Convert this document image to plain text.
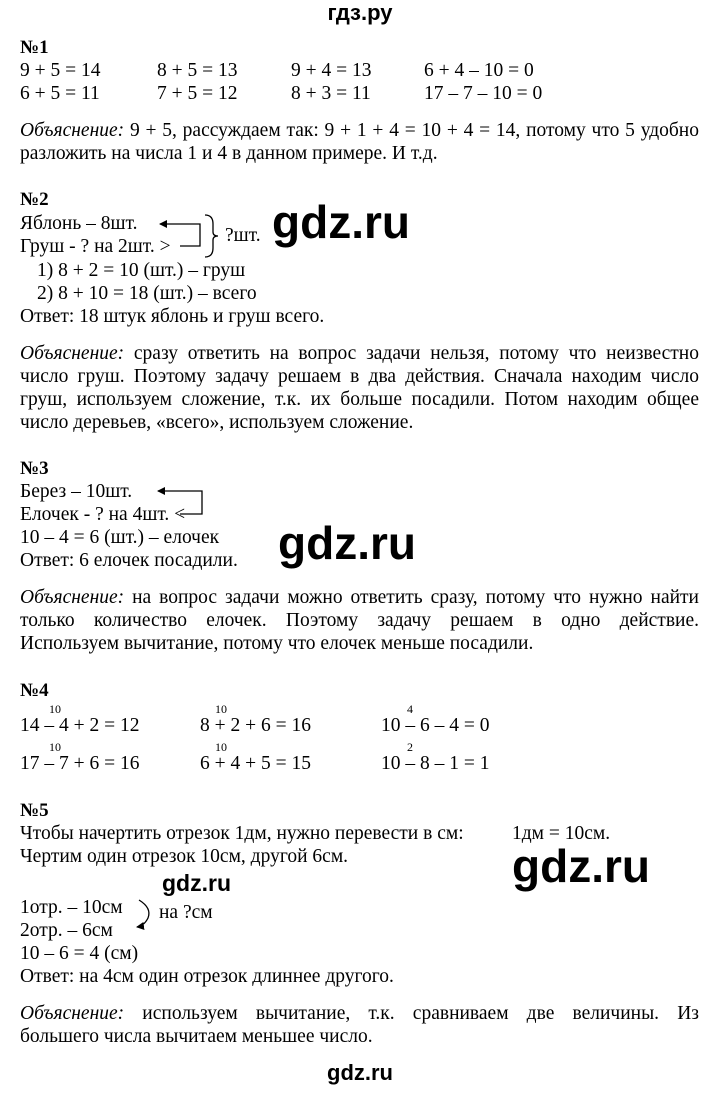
гдз.ру
№1
9 + 5 = 14	8 + 5 = 13	9 + 4 = 13	6 + 4 – 10 = 0
6 + 5 = 11	7 + 5 = 12	8 + 3 = 11	17 – 7 – 10 = 0
Объяснение: 9 + 5, рассуждаем так: 9 + 1 + 4 = 10 + 4 = 14, потому что 5 удобно
разложить на числа 1 и 4 в данном примере. И т.д.
№2
Яблонь – 8шт.
Груш - ? на 2шт. >
?шт. gdz.ru
1) 8 + 2 = 10 (шт.) – груш
2) 8 + 10 = 18 (шт.) – всего
Ответ: 18 штук яблонь и груш всего.
Объяснение: сразу ответить на вопрос задачи нельзя, потому что неизвестно
число груш. Поэтому задачу решаем в два действия. Сначала находим число
груш, используем сложение, т.к. их больше посадили. Потом находим общее
число деревьев, «всего», используем сложение.
№3
Берез – 10шт.
Елочек - ? на 4шт. <
10 – 4 = 6 (шт.) – елочек
Ответ: 6 елочек посадили. gdz.ru
Объяснение: на вопрос задачи можно ответить сразу, потому что нужно найти
только количество елочек. Поэтому задачу решаем в одно действие.
Используем вычитание, потому что елочек меньше посадили.
№4
10	10	4
14 – 4 + 2 = 12	8 + 2 + 6 = 16	10 – 6 – 4 = 0
10	10	2
17 – 7 + 6 = 16	6 + 4 + 5 = 15	10 – 8 – 1 = 1
№5
Чтобы начертить отрезок 1дм, нужно перевести в см: 1дм = 10см.
Чертим один отрезок 10см, другой 6см.	gdz.ru
gdz.ru
1отр. – 10см
2отр. – 6см
на ?см
10 – 6 = 4 (см)
Ответ: на 4см один отрезок длиннее другого.
Объяснение: используем вычитание, т.к. сравниваем две величины. Из
большего числа вычитаем меньшее число.
gdz.ru
